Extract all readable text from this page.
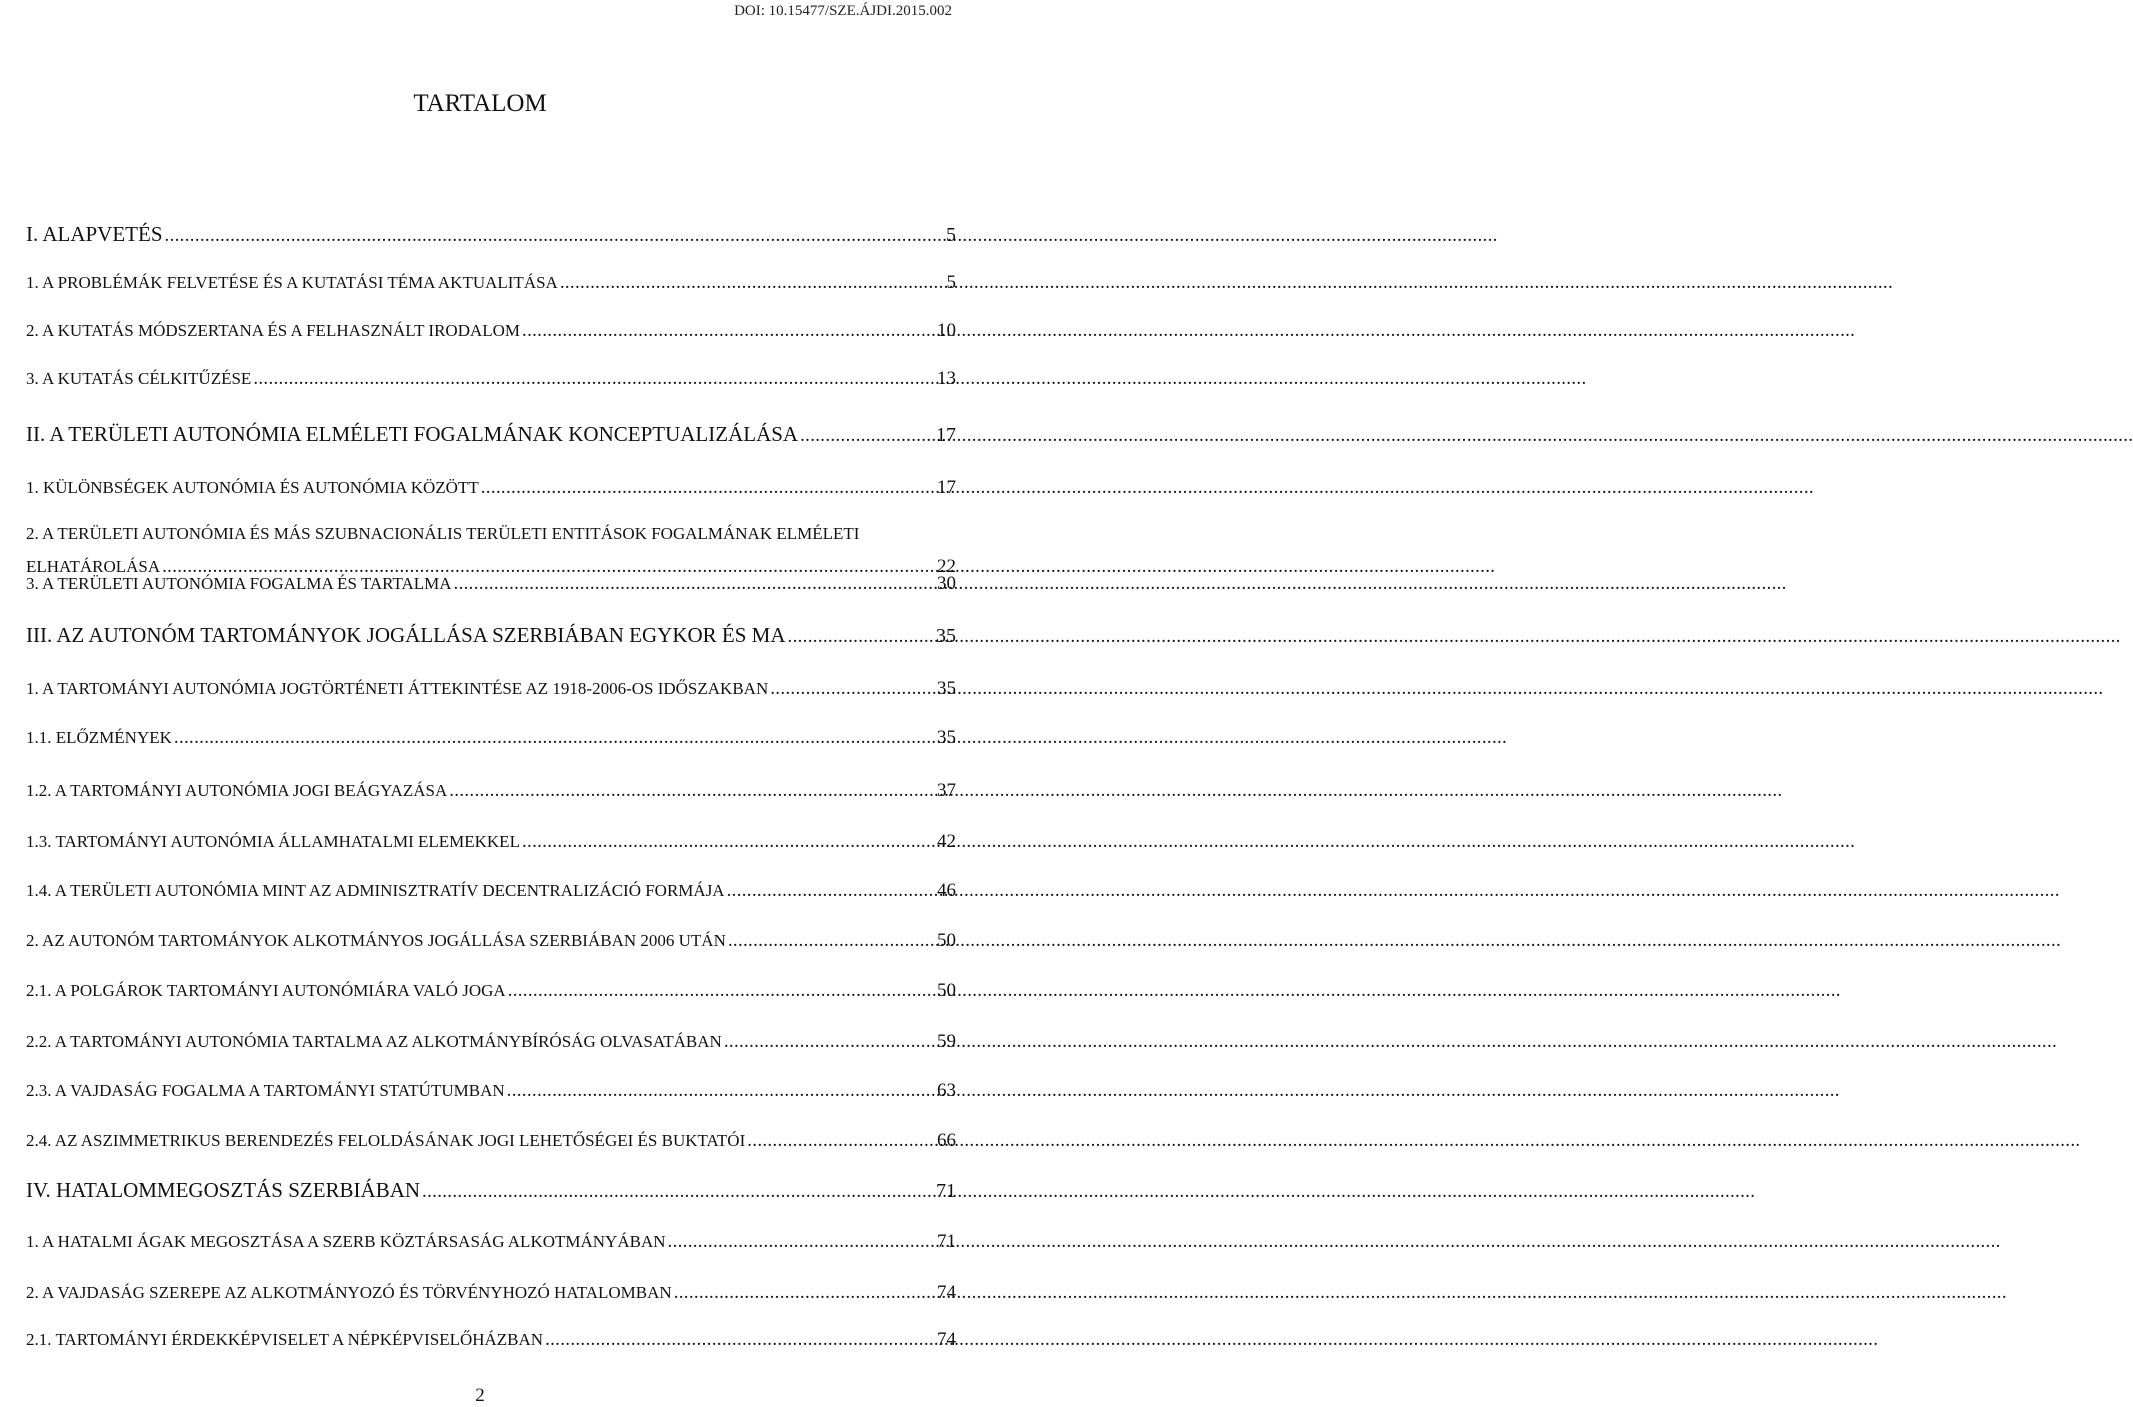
DOI: 10.15477/SZE.ÁJDI.2015.002
TARTALOM
I. ALAPVETÉS .....	5
1. A PROBLÉMÁK FELVETÉSE ÉS A KUTATÁSI TÉMA AKTUALITÁSA .....	5
2. A KUTATÁS MÓDSZERTANA ÉS A FELHASZNÁLT IRODALOM .....	10
3. A KUTATÁS CÉLKITŰZÉSE .....	13
II. A TERÜLETI AUTONÓMIA ELMÉLETI FOGALMÁNAK KONCEPTUALIZÁLÁSA .....	17
1. KÜLÖNBSÉGEK AUTONÓMIA ÉS AUTONÓMIA KÖZÖTT .....	17
2. A TERÜLETI AUTONÓMIA ÉS MÁS SZUBNACIONÁLIS TERÜLETI ENTITÁSOK FOGALMÁNAK ELMÉLETI
ELHATÁROLÁSA .....	22
3. A TERÜLETI AUTONÓMIA FOGALMA ÉS TARTALMA .....	30
III. AZ AUTONÓM TARTOMÁNYOK JOGÁLLÁSA SZERBIÁBAN EGYKOR ÉS MA .....	35
1. A TARTOMÁNYI AUTONÓMIA JOGTÖRTÉNETI ÁTTEKINTÉSE AZ 1918-2006-OS IDŐSZAKBAN .....	35
1.1. ELŐZMÉNYEK .....	35
1.2. A TARTOMÁNYI AUTONÓMIA JOGI BEÁGYAZÁSA .....	37
1.3. TARTOMÁNYI AUTONÓMIA ÁLLAMHATALMI ELEMEKKEL .....	42
1.4. A TERÜLETI AUTONÓMIA MINT AZ ADMINISZTRATÍV DECENTRALIZÁCIÓ FORMÁJA .....	46
2. AZ AUTONÓM TARTOMÁNYOK ALKOTMÁNYOS JOGÁLLÁSA SZERBIÁBAN 2006 UTÁN .....	50
2.1. A POLGÁROK TARTOMÁNYI AUTONÓMIÁRA VALÓ JOGA .....	50
2.2. A TARTOMÁNYI AUTONÓMIA TARTALMA AZ ALKOTMÁNYBÍRÓSÁG OLVASATÁBAN .....	59
2.3. A VAJDASÁG FOGALMA A TARTOMÁNYI STATÚTUMBAN .....	63
2.4. AZ ASZIMMETRIKUS BERENDEZÉS FELOLDÁSÁNAK JOGI LEHETŐSÉGEI ÉS BUKTATÓI .....	66
IV. HATALOMMEGOSZTÁS SZERBIÁBAN .....	71
1. A HATALMI ÁGAK MEGOSZTÁSA A SZERB KÖZTÁRSASÁG ALKOTMÁNYÁBAN .....	71
2. A VAJDASÁG SZEREPE AZ ALKOTMÁNYOZÓ ÉS TÖRVÉNYHOZÓ HATALOMBAN .....	74
2.1. TARTOMÁNYI ÉRDEKKÉPVISELET A NÉPKÉPVISELŐHÁZBAN .....	74
2
